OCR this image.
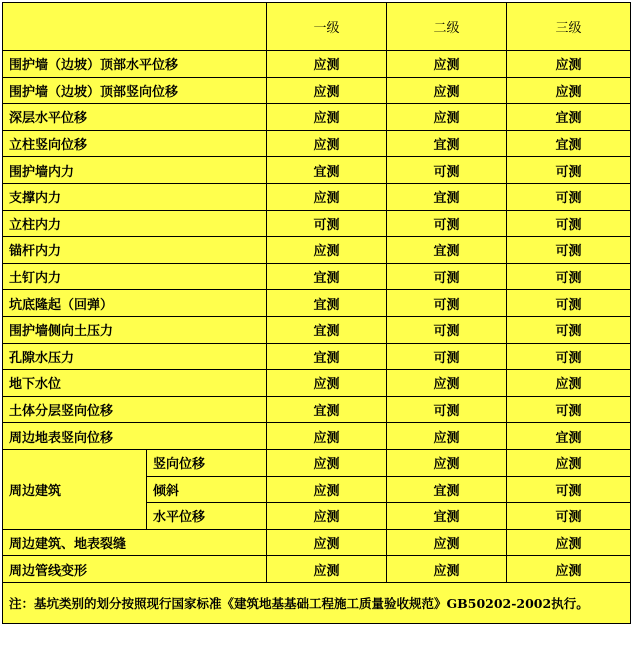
		一级	二级	三级
围护墙（边坡）顶部水平位移		应测	应测	应测
围护墙（边坡）顶部竖向位移		应测	应测	应测
深层水平位移		应测	应测	宜测
立柱竖向位移		应测	宜测	宜测
围护墙内力		宜测	可测	可测
支撑内力		应测	宜测	可测
立柱内力		可测	可测	可测
锚杆内力		应测	宜测	可测
土钉内力		宜测	可测	可测
坑底隆起（回弹）		宜测	可测	可测
围护墙侧向土压力		宜测	可测	可测
孔隙水压力		宜测	可测	可测
地下水位		应测	应测	应测
土体分层竖向位移		宜测	可测	可测
周边地表竖向位移		应测	应测	宜测
周边建筑	竖向位移	应测	应测	应测
	倾斜	应测	宜测	可测
	水平位移	应测	宜测	可测
周边建筑、地表裂缝		应测	应测	应测
周边管线变形		应测	应测	应测
注：基坑类别的划分按照现行国家标准《建筑地基基础工程施工质量验收规范》GB50202-2002执行。				
